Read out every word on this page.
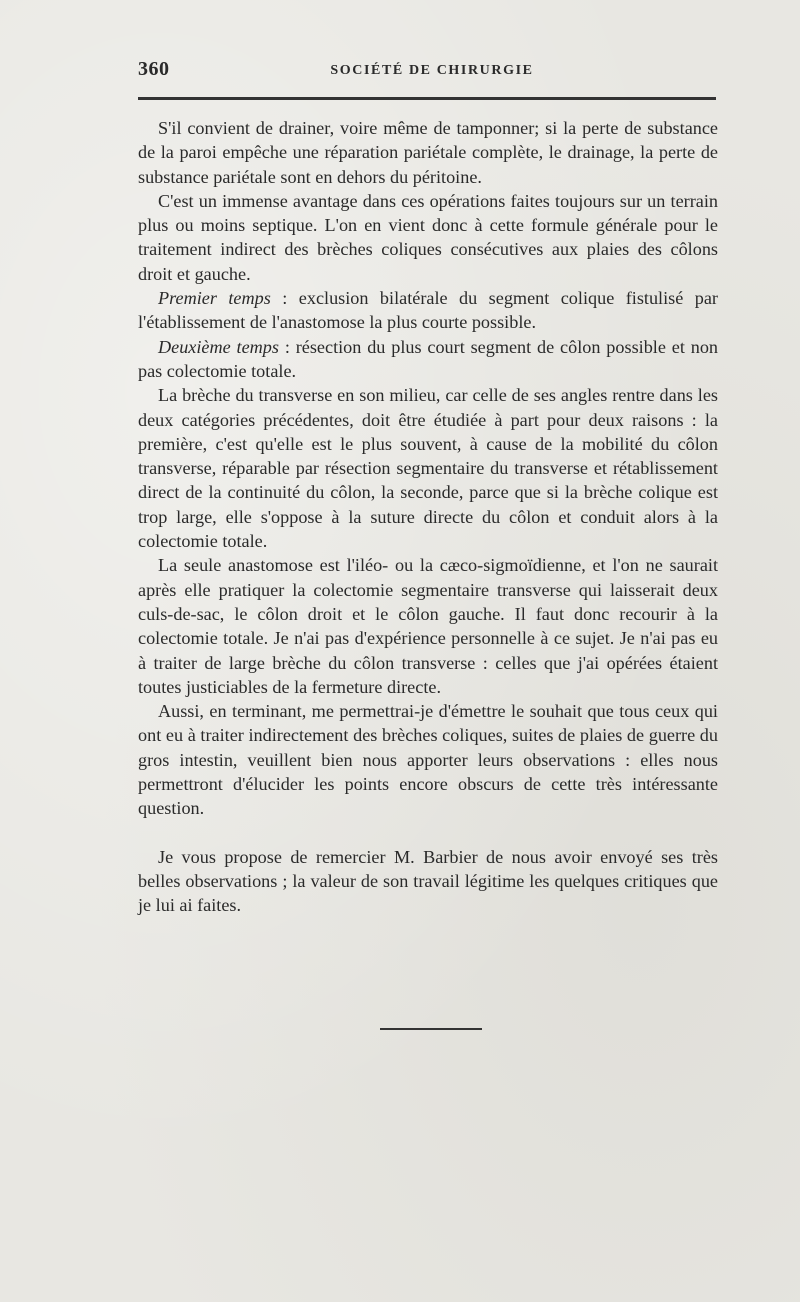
360	SOCIÉTÉ DE CHIRURGIE

S'il convient de drainer, voire même de tamponner; si la perte de substance de la paroi empêche une réparation pariétale complète, le drainage, la perte de substance pariétale sont en dehors du péritoine.

C'est un immense avantage dans ces opérations faites toujours sur un terrain plus ou moins septique. L'on en vient donc à cette formule générale pour le traitement indirect des brèches coliques consécutives aux plaies des côlons droit et gauche.

Premier temps : exclusion bilatérale du segment colique fistulisé par l'établissement de l'anastomose la plus courte possible.

Deuxième temps : résection du plus court segment de côlon possible et non pas colectomie totale.

La brèche du transverse en son milieu, car celle de ses angles rentre dans les deux catégories précédentes, doit être étudiée à part pour deux raisons : la première, c'est qu'elle est le plus souvent, à cause de la mobilité du côlon transverse, réparable par résection segmentaire du transverse et rétablissement direct de la continuité du côlon, la seconde, parce que si la brèche colique est trop large, elle s'oppose à la suture directe du côlon et conduit alors à la colectomie totale.

La seule anastomose est l'iléo- ou la cæco-sigmoïdienne, et l'on ne saurait après elle pratiquer la colectomie segmentaire transverse qui laisserait deux culs-de-sac, le côlon droit et le côlon gauche. Il faut donc recourir à la colectomie totale. Je n'ai pas d'expérience personnelle à ce sujet. Je n'ai pas eu à traiter de large brèche du côlon transverse : celles que j'ai opérées étaient toutes justiciables de la fermeture directe.

Aussi, en terminant, me permettrai-je d'émettre le souhait que tous ceux qui ont eu à traiter indirectement des brèches coliques, suites de plaies de guerre du gros intestin, veuillent bien nous apporter leurs observations : elles nous permettront d'élucider les points encore obscurs de cette très intéressante question.

Je vous propose de remercier M. Barbier de nous avoir envoyé ses très belles observations ; la valeur de son travail légitime les quelques critiques que je lui ai faites.
